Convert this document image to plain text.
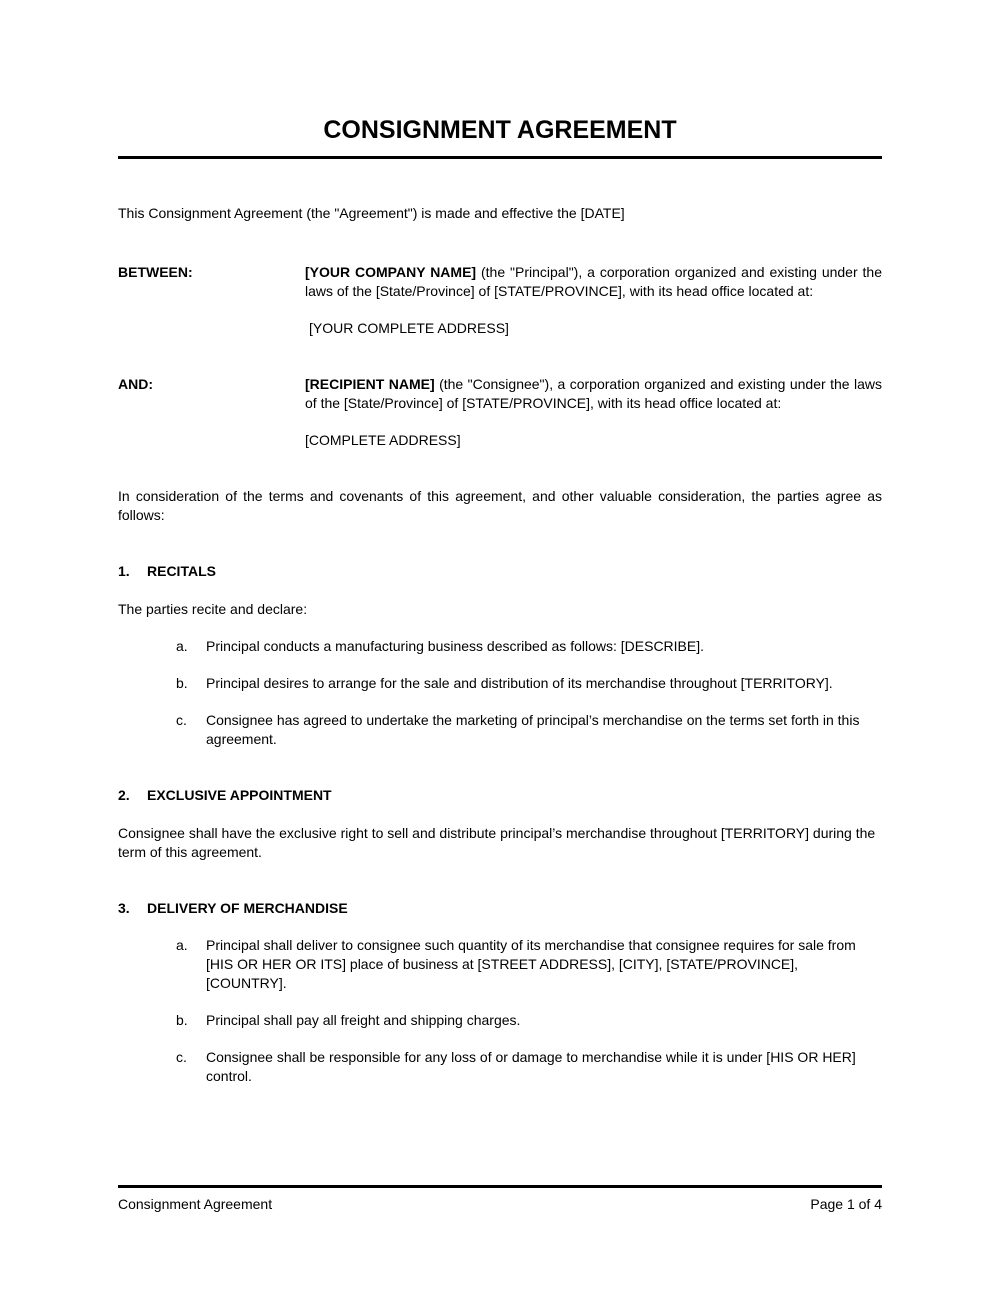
CONSIGNMENT AGREEMENT

This Consignment Agreement (the "Agreement") is made and effective the [DATE]

BETWEEN:	[YOUR COMPANY NAME] (the "Principal"), a corporation organized and existing under the laws of the [State/Province] of [STATE/PROVINCE], with its head office located at:

[YOUR COMPLETE ADDRESS]

AND:	[RECIPIENT NAME] (the "Consignee"), a corporation organized and existing under the laws of the [State/Province] of [STATE/PROVINCE], with its head office located at:

[COMPLETE ADDRESS]

In consideration of the terms and covenants of this agreement, and other valuable consideration, the parties agree as follows:

1.	RECITALS

The parties recite and declare:

a.	Principal conducts a manufacturing business described as follows: [DESCRIBE].
b.	Principal desires to arrange for the sale and distribution of its merchandise throughout [TERRITORY].
c.	Consignee has agreed to undertake the marketing of principal’s merchandise on the terms set forth in this agreement.
2.	EXCLUSIVE APPOINTMENT

Consignee shall have the exclusive right to sell and distribute principal’s merchandise throughout [TERRITORY] during the term of this agreement.

3.	DELIVERY OF MERCHANDISE
a.	Principal shall deliver to consignee such quantity of its merchandise that consignee requires for sale from [HIS OR HER OR ITS] place of business at [STREET ADDRESS], [CITY], [STATE/PROVINCE], [COUNTRY].
b.	Principal shall pay all freight and shipping charges.
c.	Consignee shall be responsible for any loss of or damage to merchandise while it is under [HIS OR HER] control.
Consignment Agreement	Page 1 of 4
